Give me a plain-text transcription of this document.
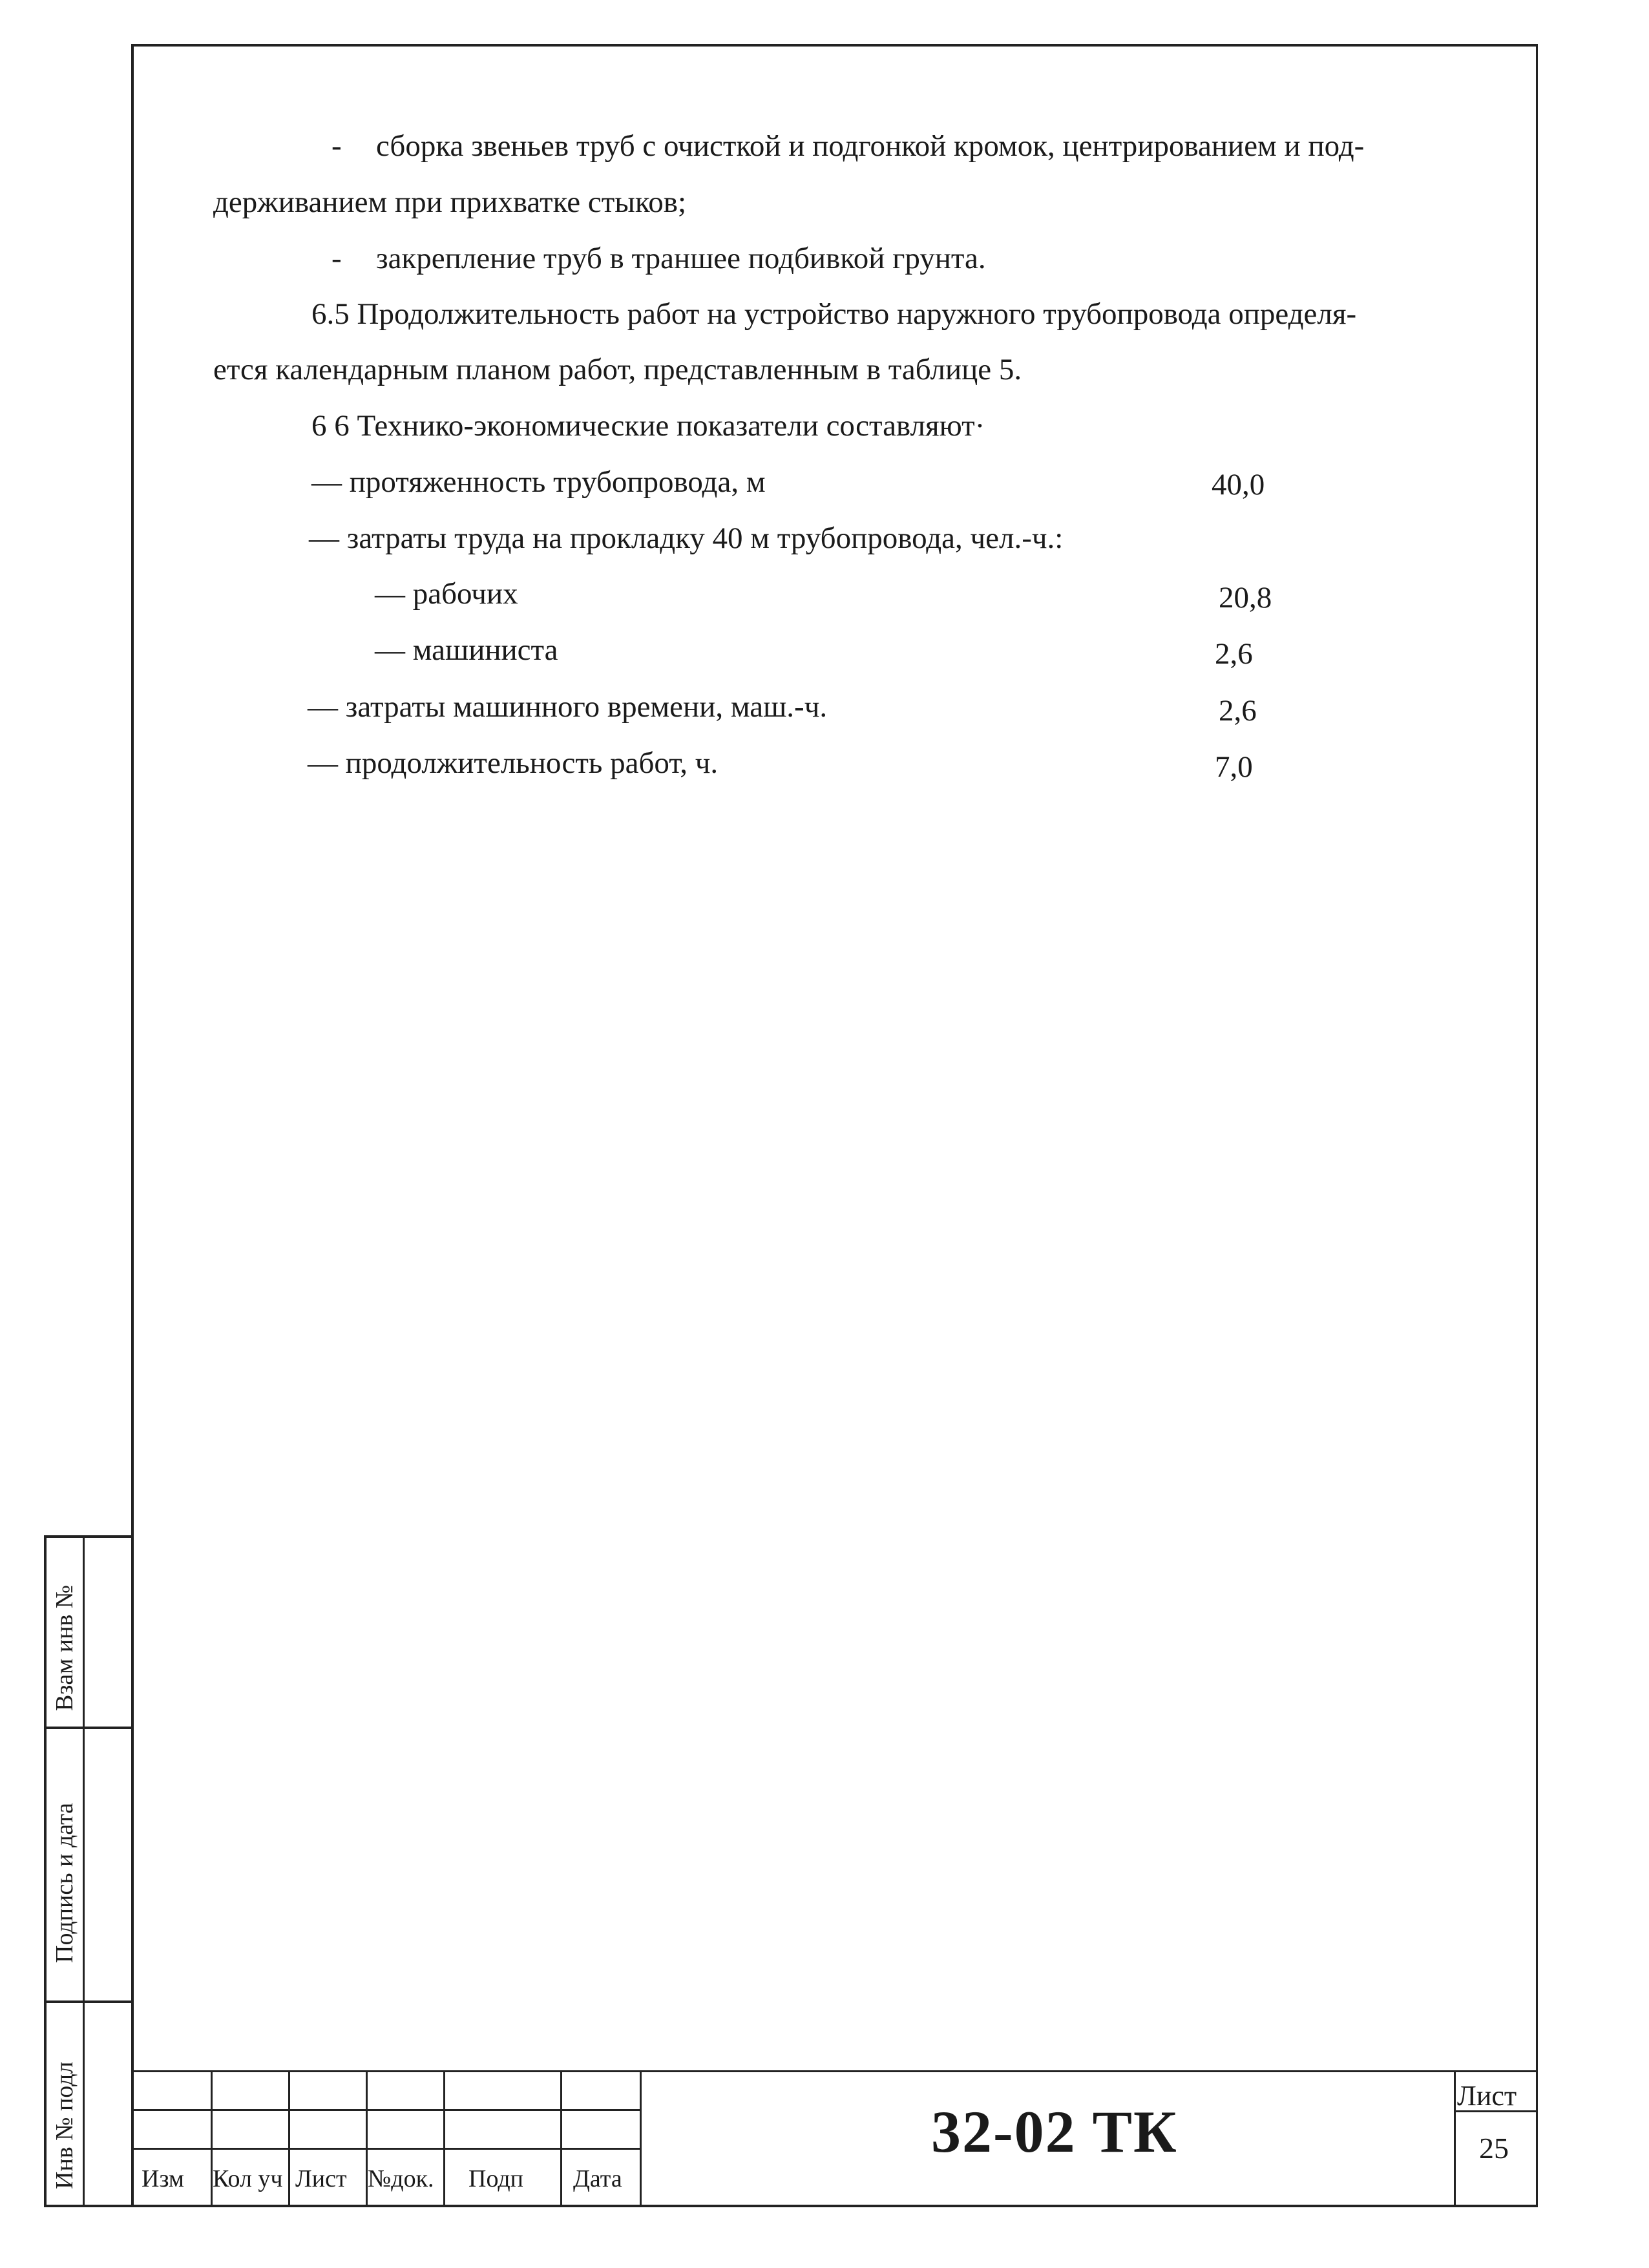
- сборка звеньев труб с очисткой и подгонкой кромок, центрированием и под-
держиванием при прихватке стыков;
- закрепление труб в траншее подбивкой грунта.
6.5 Продолжительность работ на устройство наружного трубопровода определя-
ется календарным планом работ, представленным в таблице 5.
6 6 Технико-экономические показатели составляют·
— протяженность трубопровода, м	40,0
— затраты труда на прокладку 40 м трубопровода, чел.-ч.:
— рабочих	20,8
— машиниста	2,6
— затраты машинного времени, маш.-ч.	2,6
— продолжительность работ, ч.	7,0
Взам инв №
Подпись и дата
Инв № подл	Изм Кол уч Лист №док. Подп Дата
32-02 ТК
Лист
25
